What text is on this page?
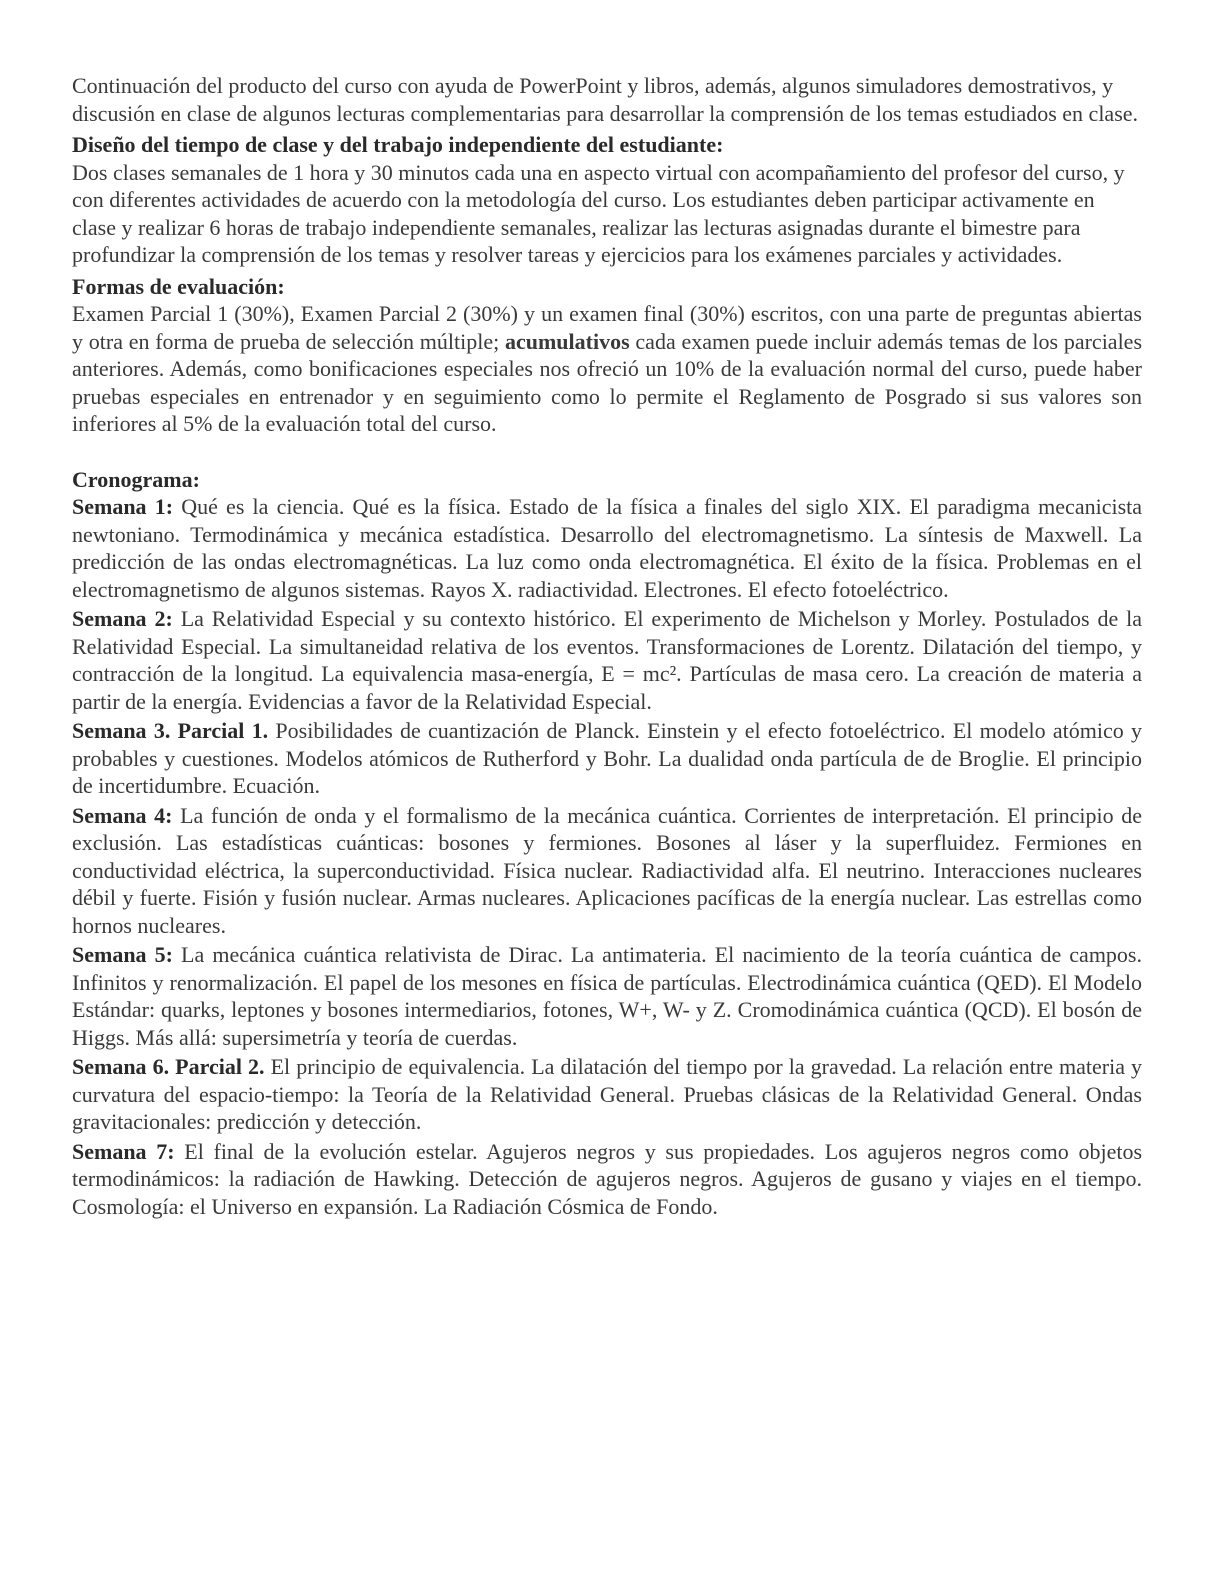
Continuación del producto del curso con ayuda de PowerPoint y libros, además, algunos simuladores demostrativos, y discusión en clase de algunos lecturas complementarias para desarrollar la comprensión de los temas estudiados en clase.

Diseño del tiempo de clase y del trabajo independiente del estudiante:

Dos clases semanales de 1 hora y 30 minutos cada una en aspecto virtual con acompañamiento del profesor del curso, y con diferentes actividades de acuerdo con la metodología del curso. Los estudiantes deben participar activamente en clase y realizar 6 horas de trabajo independiente semanales, realizar las lecturas asignadas durante el bimestre para profundizar la comprensión de los temas y resolver tareas y ejercicios para los exámenes parciales y actividades.

Formas de evaluación:

Examen Parcial 1 (30%), Examen Parcial 2 (30%) y un examen final (30%) escritos, con una parte de preguntas abiertas y otra en forma de prueba de selección múltiple; acumulativos cada examen puede incluir además temas de los parciales anteriores. Además, como bonificaciones especiales nos ofreció un 10% de la evaluación normal del curso, puede haber pruebas especiales en entrenador y en seguimiento como lo permite el Reglamento de Posgrado si sus valores son inferiores al 5% de la evaluación total del curso.

Cronograma:

Semana 1: Qué es la ciencia. Qué es la física. Estado de la física a finales del siglo XIX. El paradigma mecanicista newtoniano. Termodinámica y mecánica estadística. Desarrollo del electromagnetismo. La síntesis de Maxwell. La predicción de las ondas electromagnéticas. La luz como onda electromagnética. El éxito de la física. Problemas en el electromagnetismo de algunos sistemas. Rayos X. radiactividad. Electrones. El efecto fotoeléctrico.

Semana 2: La Relatividad Especial y su contexto histórico. El experimento de Michelson y Morley. Postulados de la Relatividad Especial. La simultaneidad relativa de los eventos. Transformaciones de Lorentz. Dilatación del tiempo, y contracción de la longitud. La equivalencia masa-energía, E = mc². Partículas de masa cero. La creación de materia a partir de la energía. Evidencias a favor de la Relatividad Especial.

Semana 3. Parcial 1. Posibilidades de cuantización de Planck. Einstein y el efecto fotoeléctrico. El modelo atómico y probables y cuestiones. Modelos atómicos de Rutherford y Bohr. La dualidad onda partícula de de Broglie. El principio de incertidumbre. Ecuación.

Semana 4: La función de onda y el formalismo de la mecánica cuántica. Corrientes de interpretación. El principio de exclusión. Las estadísticas cuánticas: bosones y fermiones. Bosones al láser y la superfluidez. Fermiones en conductividad eléctrica, la superconductividad. Física nuclear. Radiactividad alfa. El neutrino. Interacciones nucleares débil y fuerte. Fisión y fusión nuclear. Armas nucleares. Aplicaciones pacíficas de la energía nuclear. Las estrellas como hornos nucleares.

Semana 5: La mecánica cuántica relativista de Dirac. La antimateria. El nacimiento de la teoría cuántica de campos. Infinitos y renormalización. El papel de los mesones en física de partículas. Electrodinámica cuántica (QED). El Modelo Estándar: quarks, leptones y bosones intermediarios, fotones, W+, W- y Z. Cromodinámica cuántica (QCD). El bosón de Higgs. Más allá: supersimetría y teoría de cuerdas.

Semana 6. Parcial 2. El principio de equivalencia. La dilatación del tiempo por la gravedad. La relación entre materia y curvatura del espacio-tiempo: la Teoría de la Relatividad General. Pruebas clásicas de la Relatividad General. Ondas gravitacionales: predicción y detección.

Semana 7: El final de la evolución estelar. Agujeros negros y sus propiedades. Los agujeros negros como objetos termodinámicos: la radiación de Hawking. Detección de agujeros negros. Agujeros de gusano y viajes en el tiempo. Cosmología: el Universo en expansión. La Radiación Cósmica de Fondo.
